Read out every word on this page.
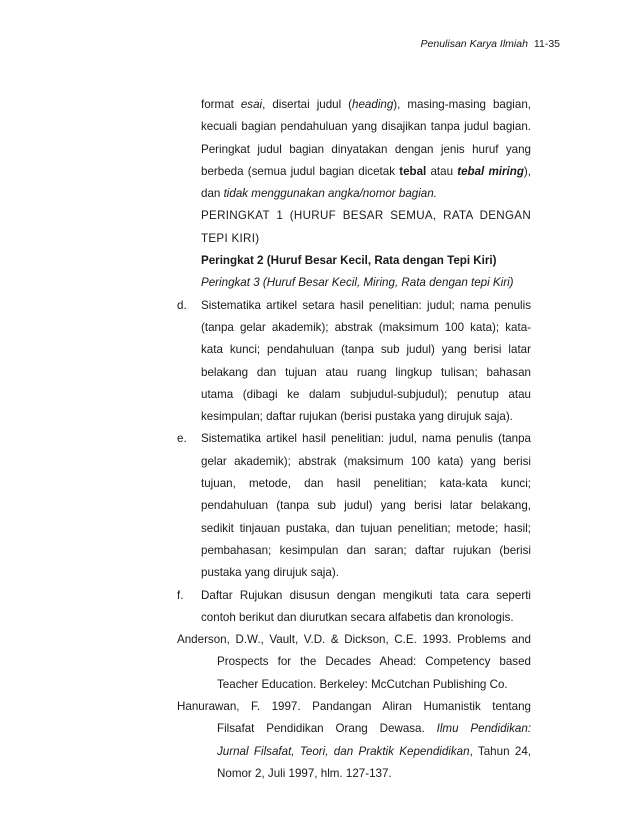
Penulisan Karya Ilmiah 11-35
format esai, disertai judul (heading), masing-masing bagian,
kecuali bagian pendahuluan yang disajikan tanpa judul bagian.
Peringkat judul bagian dinyatakan dengan jenis huruf yang
berbeda (semua judul bagian dicetak tebal atau tebal miring),
dan tidak menggunakan angka/nomor bagian.
PERINGKAT 1 (HURUF BESAR SEMUA, RATA DENGAN
TEPI KIRI)
Peringkat 2 (Huruf Besar Kecil, Rata dengan Tepi Kiri)
Peringkat 3 (Huruf Besar Kecil, Miring, Rata dengan tepi Kiri)
d. Sistematika artikel setara hasil penelitian: judul; nama penulis
(tanpa gelar akademik); abstrak (maksimum 100 kata); kata-
kata kunci; pendahuluan (tanpa sub judul) yang berisi latar
belakang dan tujuan atau ruang lingkup tulisan; bahasan
utama (dibagi ke dalam subjudul-subjudul); penutup atau
kesimpulan; daftar rujukan (berisi pustaka yang dirujuk saja).
e. Sistematika artikel hasil penelitian: judul, nama penulis (tanpa
gelar akademik); abstrak (maksimum 100 kata) yang berisi
tujuan, metode, dan hasil penelitian; kata-kata kunci;
pendahuluan (tanpa sub judul) yang berisi latar belakang,
sedikit tinjauan pustaka, dan tujuan penelitian; metode; hasil;
pembahasan; kesimpulan dan saran; daftar rujukan (berisi
pustaka yang dirujuk saja).
f. Daftar Rujukan disusun dengan mengikuti tata cara seperti
contoh berikut dan diurutkan secara alfabetis dan kronologis.
Anderson, D.W., Vault, V.D. & Dickson, C.E. 1993. Problems and
Prospects for the Decades Ahead: Competency based
Teacher Education. Berkeley: McCutchan Publishing Co.
Hanurawan, F. 1997. Pandangan Aliran Humanistik tentang
Filsafat Pendidikan Orang Dewasa. Ilmu Pendidikan:
Jurnal Filsafat, Teori, dan Praktik Kependidikan, Tahun 24,
Nomor 2, Juli 1997, hlm. 127-137.
